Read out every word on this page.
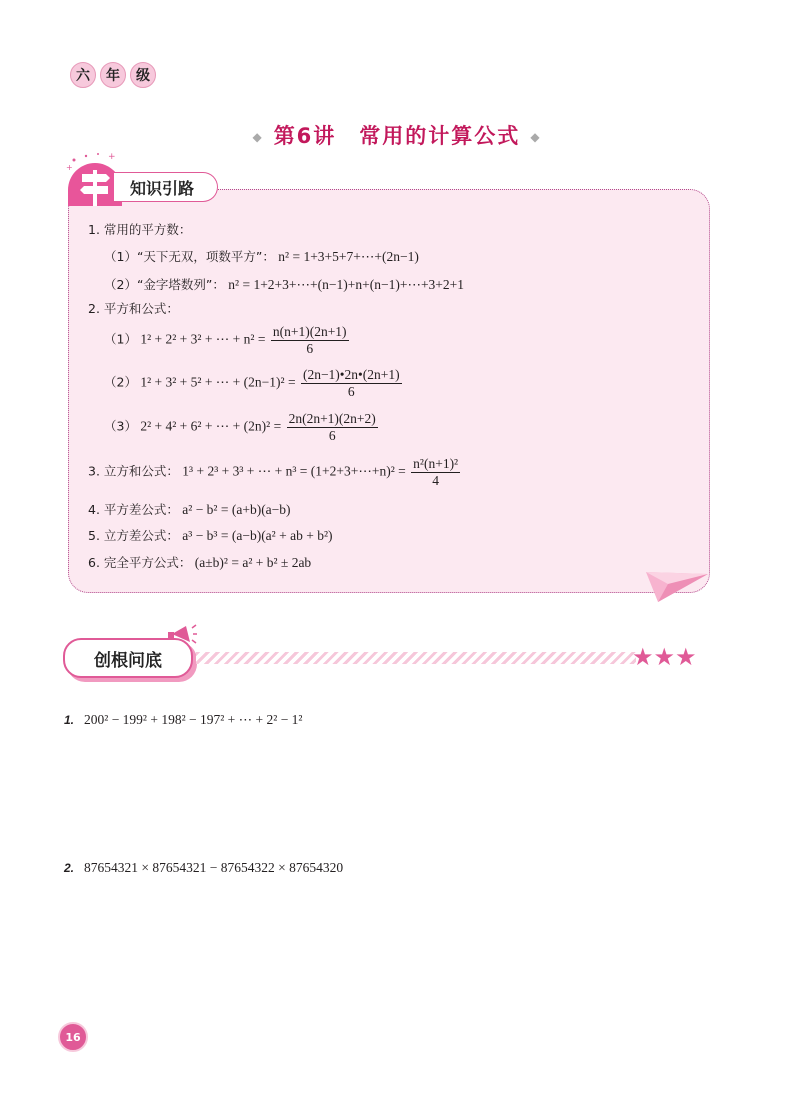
六	年	级
◆ 第6讲　常用的计算公式 ◆
+
+
知识引路
1. 常用的平方数：
（1）“天下无双，项数平方”： n² = 1+3+5+7+⋯+(2n−1)
（2）“金字塔数列”： n² = 1+2+3+⋯+(n−1)+n+(n−1)+⋯+3+2+1
2. 平方和公式：
（1） 1² + 2² + 3² + ⋯ + $n^2 = \frac{n(n+1)(2n+1)}{6}$
（2） 1² + 3² + 5² + ⋯ + $(2n-1)^2 = \frac{(2n-1)•2n•(2n+1)}{6}$
（3） 2² + 4² + 6² + ⋯ + $(2n)^2 = \frac{2n(2n+1)(2n+2)}{6}$
3. 立方和公式： 1³ + 2³ + 3³ + ⋯ + n³ = (1+2+3+⋯+n)² = $\frac{\text{n²(n+1)²}}{4}$
4. 平方差公式： a² − b² = (a+b)(a−b)
5. 立方差公式： a³ − b³ = (a−b)(a² + ab + b²)
6. 完全平方公式： (a±b)² = a² + b² ± 2ab
创根问底	★★★
1. 200² − 199² + 198² − 197² + ⋯ + 2² − 1²
2. 87654321 × 87654321 − 87654322 × 87654320
16
